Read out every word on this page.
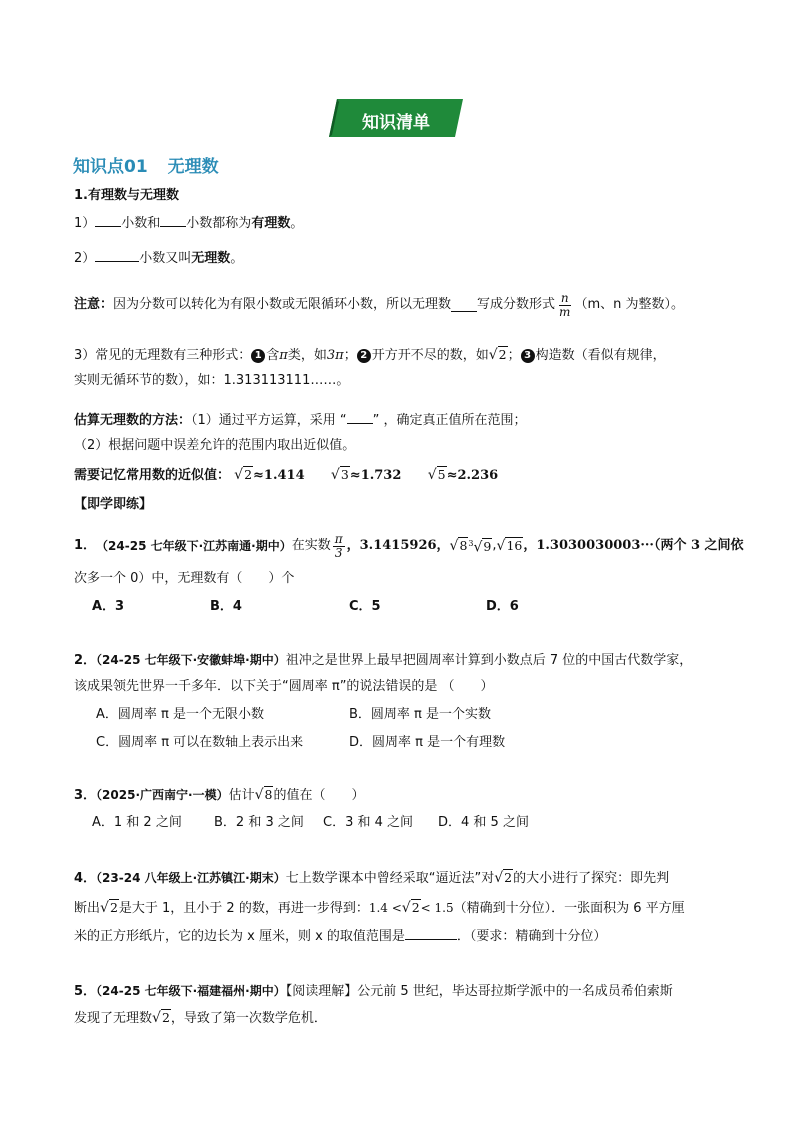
知识清单
知识点01 无理数
1.有理数与无理数
1） 小数和 小数都称为有理数。
2）	小数又叫无理数。
注意： 因为分数可以转化为有限小数或无限循环小数，所以无理数 写成分数形式 $\frac{n}{m} (m$、n 为整数）。
3）常见的无理数有三种形式： 1 含π类，如3π； 2 开方开不尽的数，如√2； 3 构造数（看似有规律，
实则无循环节的数），如：1.313113111……。
估算无理数的方法：（1）通过平方运算，采用 “ ” ，确定真正值所在范围；
（2）根据问题中误差允许的范围内取出近似值。
需要记忆常用数的近似值： √2≈1.414 √3≈1.732 √5≈2.236
【即学即练】
1． （24-25 七年级下·江苏南通·期中） 在实数 $\frac{\pi}{3}$ ，3.1415926， √8 $^3$√9 , √16 ，1.3030030003···（两个 3 之间依
次多一个 0）中，无理数有（　　）个
A．3	B．4	C．5	D．6
2．（24-25 七年级下·安徽蚌埠·期中）祖冲之是世界上最早把圆周率计算到小数点后 7 位的中国古代数学家，
该成果领先世界一千多年．以下关于“圆周率 π”的说法错误的是 （　　）
A．圆周率 π 是一个无限小数	B．圆周率 π 是一个实数
C．圆周率 π 可以在数轴上表示出来	D．圆周率 π 是一个有理数
3．（2025·广西南宁·一模）估计√8的值在（　　）
A．1 和 2 之间 B．2 和 3 之间 C．3 和 4 之间 D．4 和 5 之间
4．（23-24 八年级上·江苏镇江·期末）七上数学课本中曾经采取“逼近法”对√2的大小进行了探究：即先判
断出√2是大于 1，且小于 2 的数，再进一步得到：1.4 <√2< 1.5（精确到十分位）．一张面积为 6 平方厘
米的正方形纸片，它的边长为 x 厘米，则 x 的取值范围是	．（要求：精确到十分位）
5．（24-25 七年级下·福建福州·期中）【阅读理解】公元前 5 世纪，毕达哥拉斯学派中的一名成员希伯索斯
发现了无理数√2，导致了第一次数学危机．
